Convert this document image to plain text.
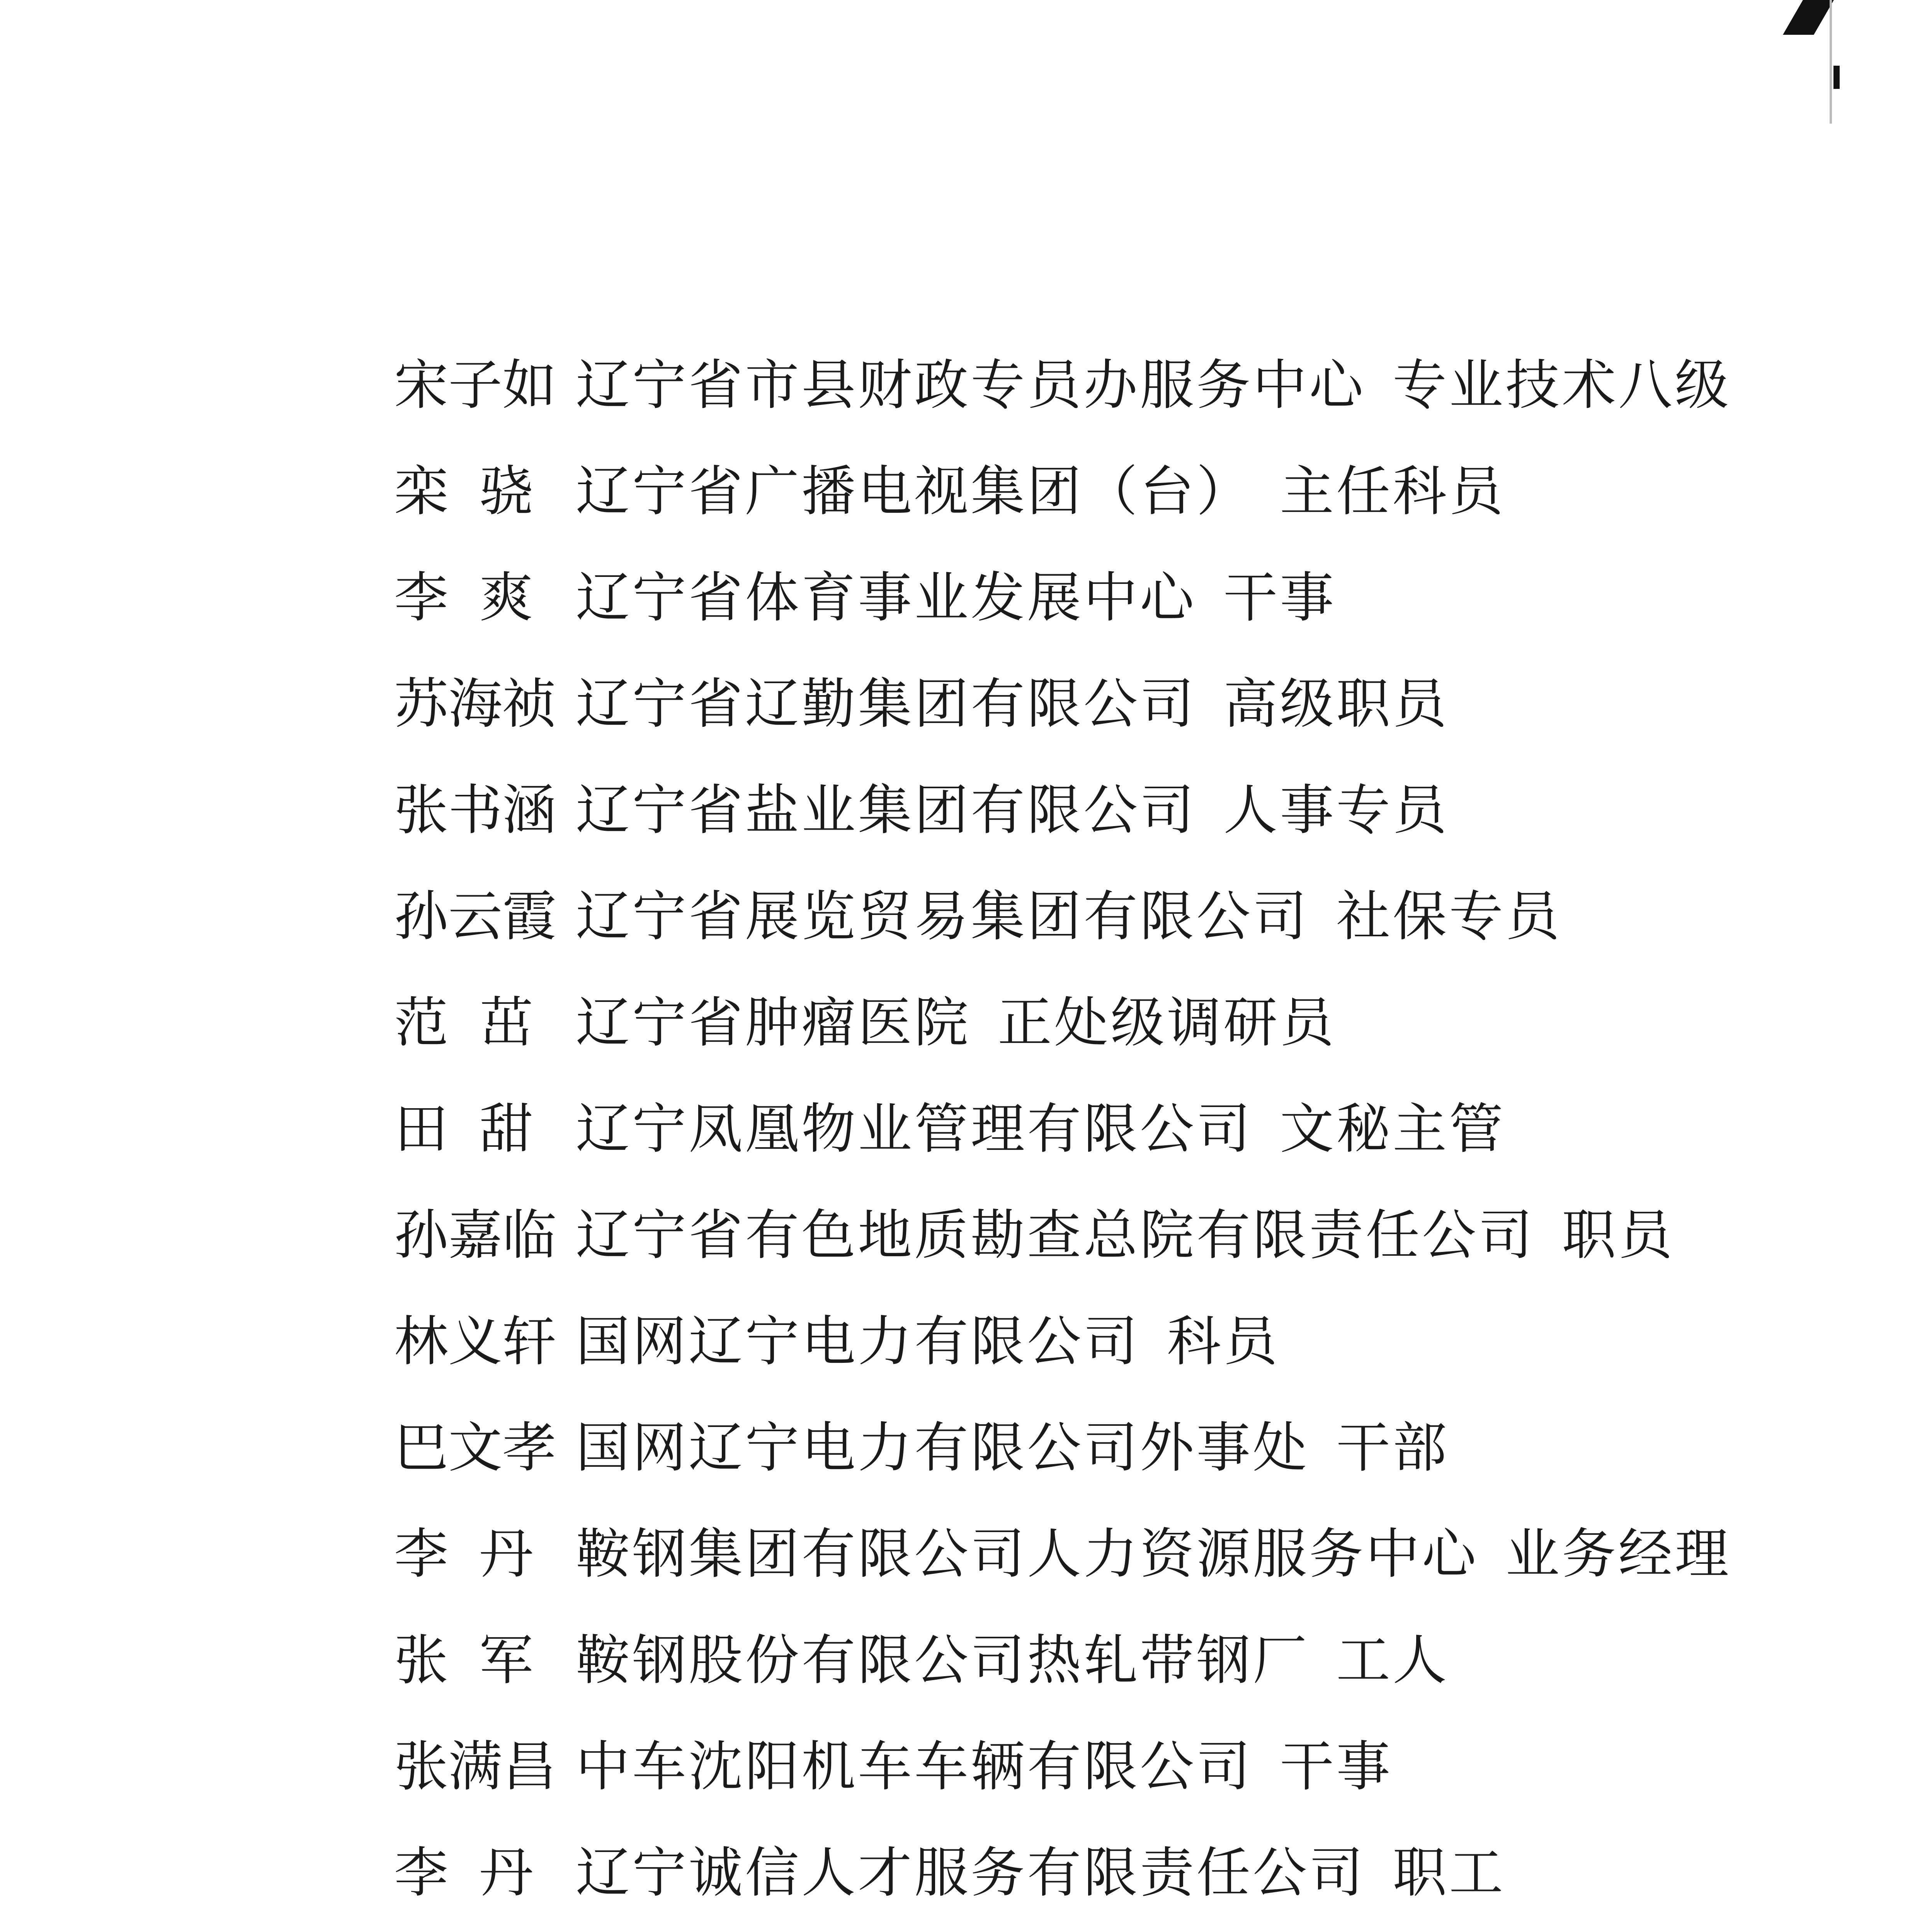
宋子如 辽宁省市县财政专员办服务中心 专业技术八级
栾 骁 辽宁省广播电视集团（台） 主任科员
李 爽 辽宁省体育事业发展中心 干事
苏海祯 辽宁省辽勤集团有限公司 高级职员
张书涵 辽宁省盐业集团有限公司 人事专员
孙云霞 辽宁省展览贸易集团有限公司 社保专员
范 茁 辽宁省肿瘤医院 正处级调研员
田 甜 辽宁凤凰物业管理有限公司 文秘主管
孙嘉临 辽宁省有色地质勘查总院有限责任公司 职员
林义轩 国网辽宁电力有限公司 科员
巴文孝 国网辽宁电力有限公司外事处 干部
李 丹 鞍钢集团有限公司人力资源服务中心 业务经理
张 军 鞍钢股份有限公司热轧带钢厂 工人
张满昌 中车沈阳机车车辆有限公司 干事
李 丹 辽宁诚信人才服务有限责任公司 职工
